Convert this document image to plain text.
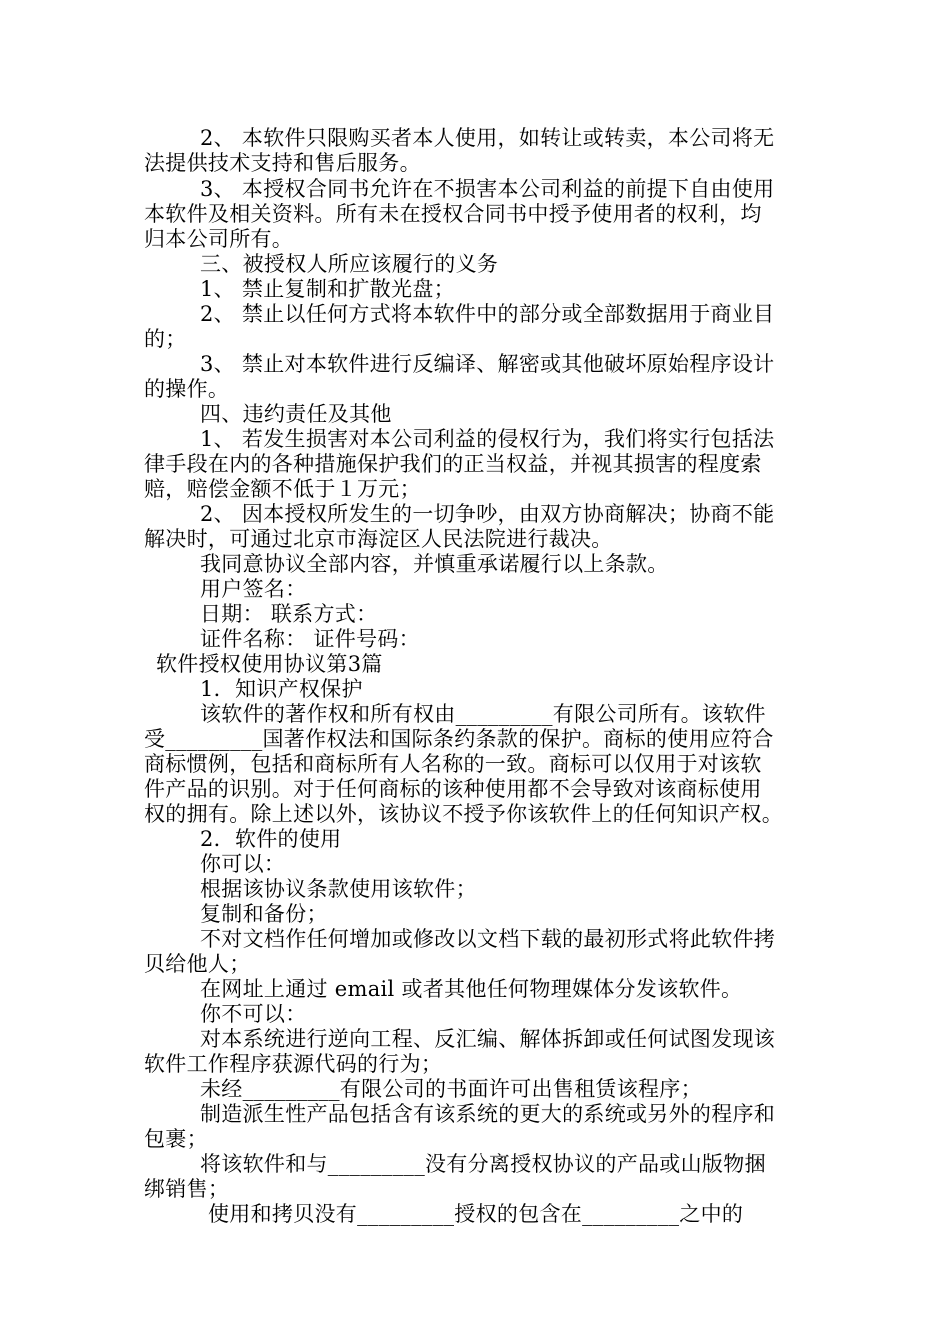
2、 本软件只限购买者本人使用，如转让或转卖，本公司将无
法提供技术支持和售后服务。
3、 本授权合同书允许在不损害本公司利益的前提下自由使用
本软件及相关资料。所有未在授权合同书中授予使用者的权利，均
归本公司所有。
三、被授权人所应该履行的义务
1、 禁止复制和扩散光盘；
2、 禁止以任何方式将本软件中的部分或全部数据用于商业目
的；
3、 禁止对本软件进行反编译、解密或其他破坏原始程序设计
的操作。
四、违约责任及其他
1、 若发生损害对本公司利益的侵权行为，我们将实行包括法
律手段在内的各种措施保护我们的正当权益，并视其损害的程度索
赔，赔偿金额不低于１万元；
2、 因本授权所发生的一切争吵，由双方协商解决；协商不能
解决时，可通过北京市海淀区人民法院进行裁决。
我同意协议全部内容，并慎重承诺履行以上条款。
用户签名：
日期： 联系方式：
证件名称： 证件号码：
软件授权使用协议第3篇
1．知识产权保护
该软件的著作权和所有权由_________有限公司所有。该软件
受_________国著作权法和国际条约条款的保护。商标的使用应符合
商标惯例，包括和商标所有人名称的一致。商标可以仅用于对该软
件产品的识别。对于任何商标的该种使用都不会导致对该商标使用
权的拥有。除上述以外，该协议不授予你该软件上的任何知识产权。
2．软件的使用
你可以：
根据该协议条款使用该软件；
复制和备份；
不对文档作任何增加或修改以文档下载的最初形式将此软件拷
贝给他人；
在网址上通过 email 或者其他任何物理媒体分发该软件。
你不可以：
对本系统进行逆向工程、反汇编、解体拆卸或任何试图发现该
软件工作程序获源代码的行为；
未经_________有限公司的书面许可出售租赁该程序；
制造派生性产品包括含有该系统的更大的系统或另外的程序和
包裹；
将该软件和与_________没有分离授权协议的产品或山版物捆
绑销售；
使用和拷贝没有_________授权的包含在_________之中的
